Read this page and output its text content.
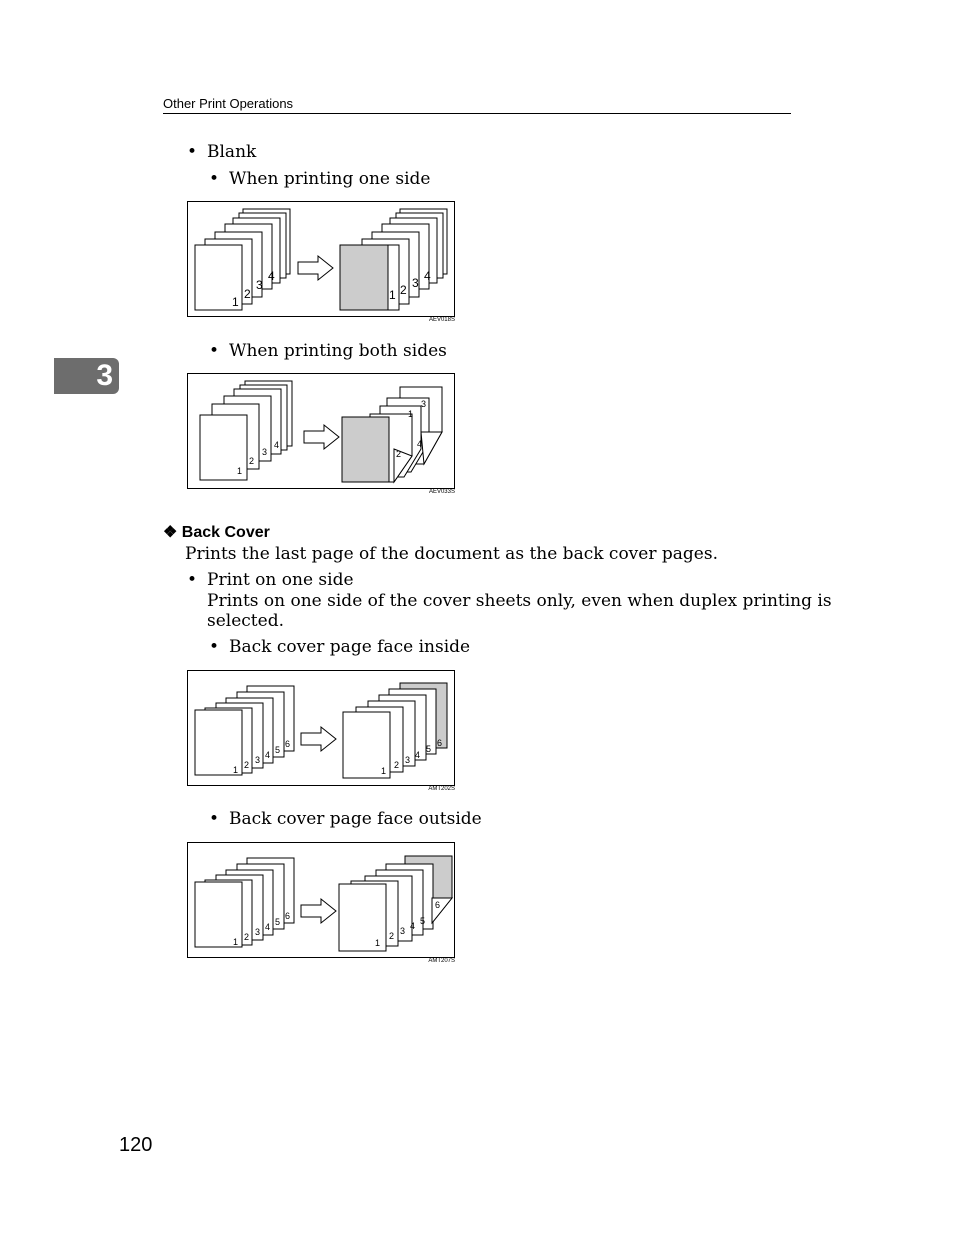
Other Print Operations
3
• Blank
• When printing one side
1
2
3
4
1 2 3 4
AEV018S
• When printing both sides
1
2
3
4
3
1
4
2
AEV033S
❖ Back Cover
Prints the last page of the document as the back cover pages.
• Print on one side
Prints on one side of the cover sheets only, even when duplex printing is
selected.
• Back cover page face inside
1 2 3 4 5
6
1
2 3 4
5
6
AMT202S
• Back cover page face outside
1 2 3 4 5
6
1
2 3 4 5
6
AMT207S
120
